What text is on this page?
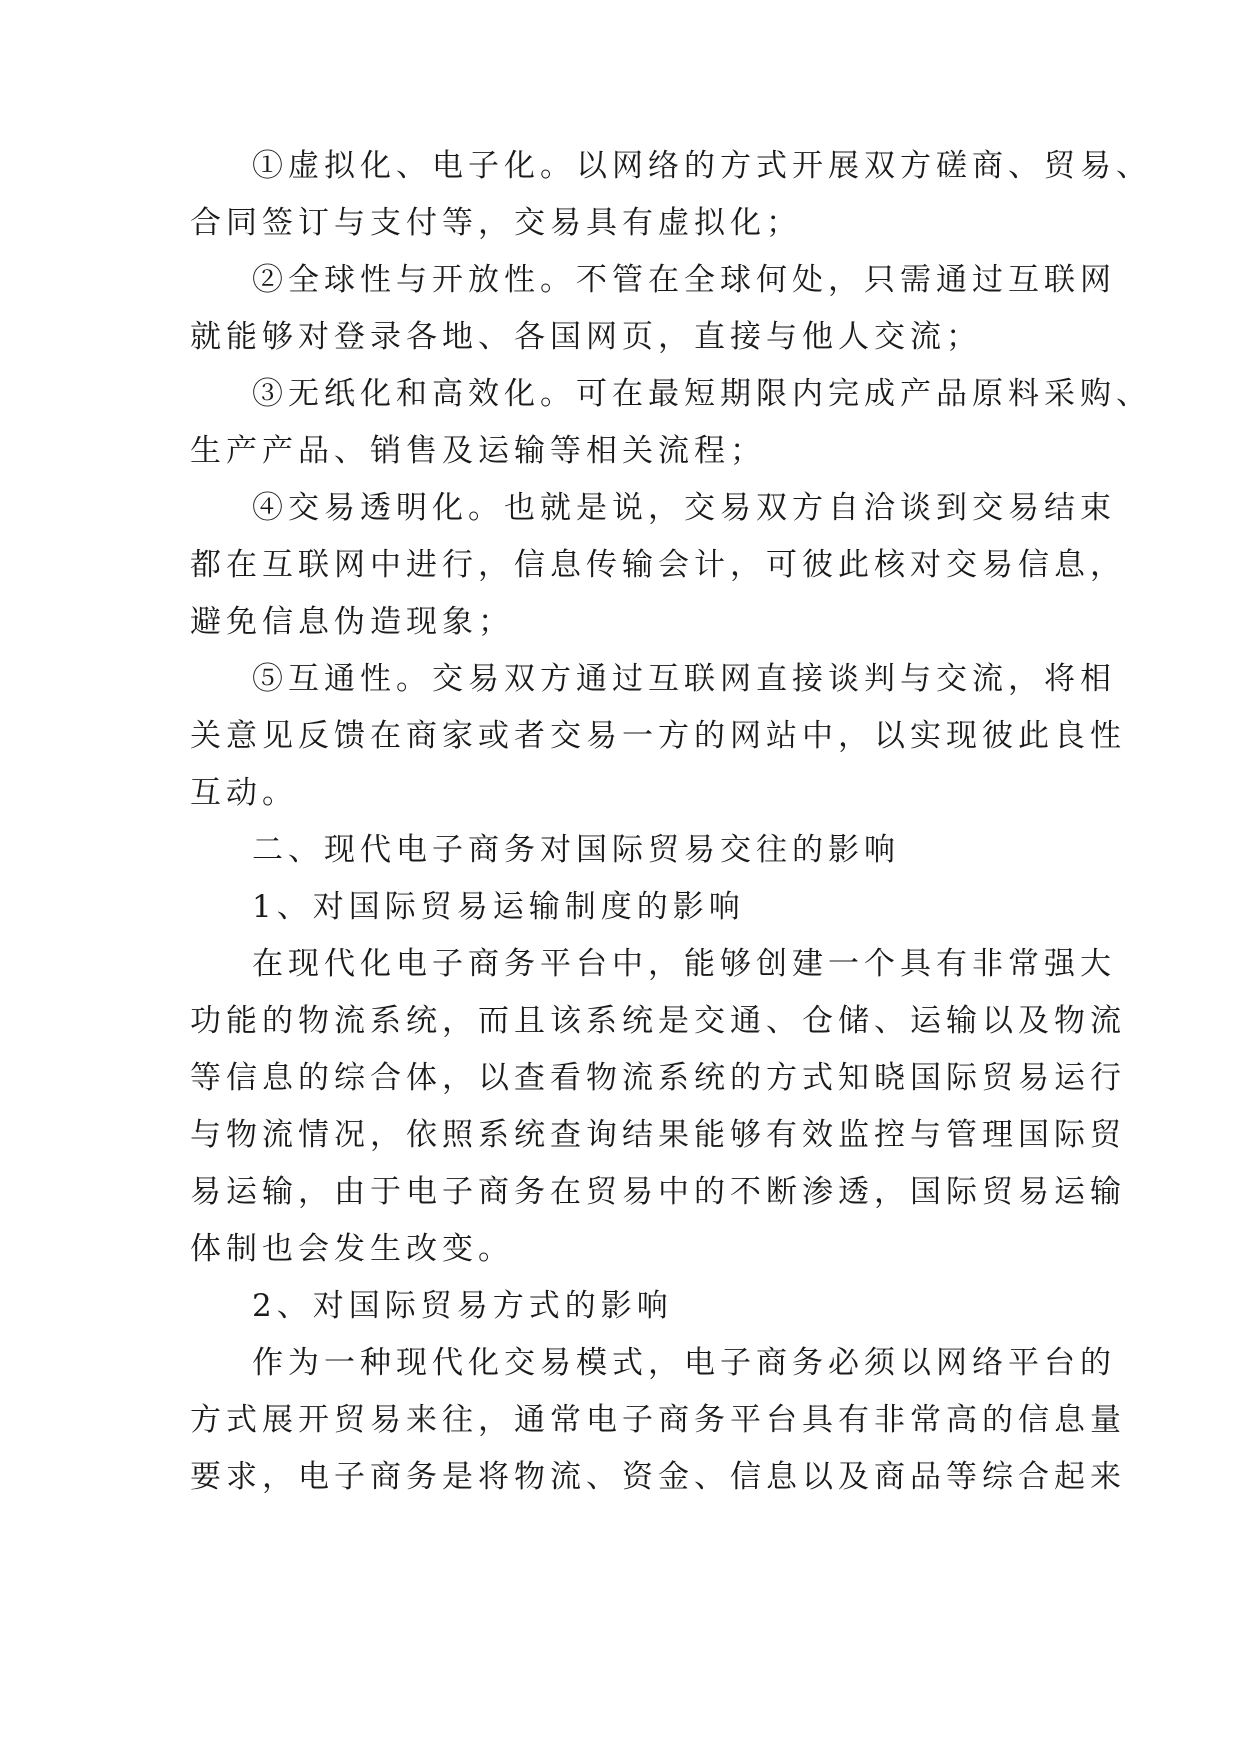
①虚拟化、电子化。以网络的方式开展双方磋商、贸易、
合同签订与支付等，交易具有虚拟化；
②全球性与开放性。不管在全球何处，只需通过互联网
就能够对登录各地、各国网页，直接与他人交流；
③无纸化和高效化。可在最短期限内完成产品原料采购、
生产产品、销售及运输等相关流程；
④交易透明化。也就是说，交易双方自洽谈到交易结束
都在互联网中进行，信息传输会计，可彼此核对交易信息，
避免信息伪造现象；
⑤互通性。交易双方通过互联网直接谈判与交流，将相
关意见反馈在商家或者交易一方的网站中，以实现彼此良性
互动。
二、现代电子商务对国际贸易交往的影响
1、对国际贸易运输制度的影响
在现代化电子商务平台中，能够创建一个具有非常强大
功能的物流系统，而且该系统是交通、仓储、运输以及物流
等信息的综合体，以查看物流系统的方式知晓国际贸易运行
与物流情况，依照系统查询结果能够有效监控与管理国际贸
易运输，由于电子商务在贸易中的不断渗透，国际贸易运输
体制也会发生改变。
2、对国际贸易方式的影响
作为一种现代化交易模式，电子商务必须以网络平台的
方式展开贸易来往，通常电子商务平台具有非常高的信息量
要求，电子商务是将物流、资金、信息以及商品等综合起来
